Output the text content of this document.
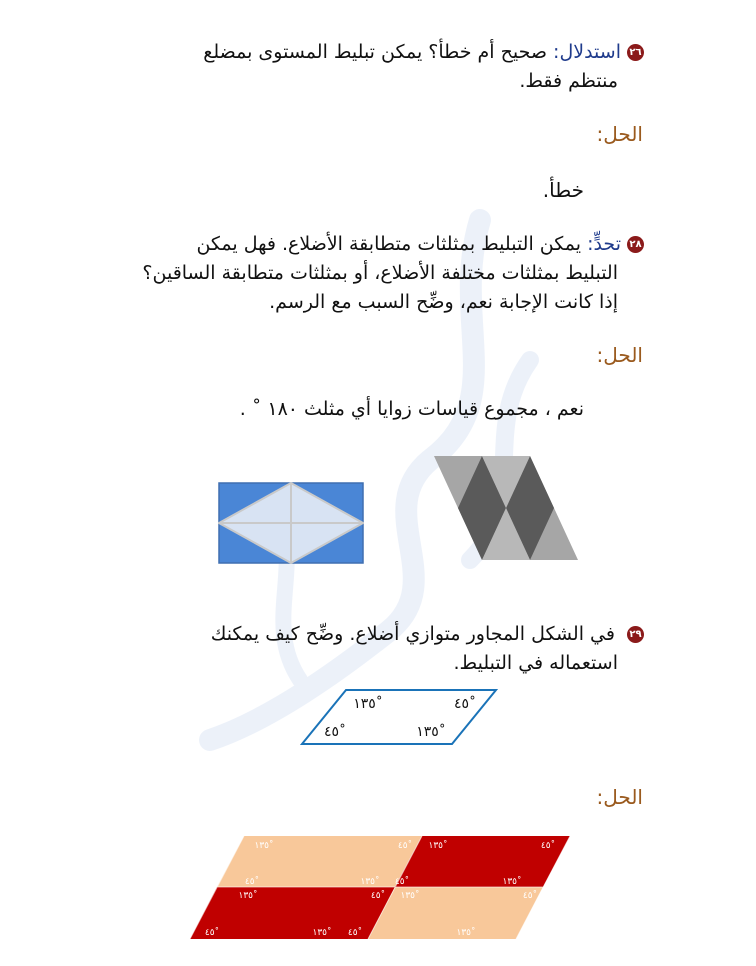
٢٦استدلال: صحيح أم خطأ؟ يمكن تبليط المستوى بمضلع
منتظم فقط.
الحل:
خطأ.
٢٨تحدٍّ: يمكن التبليط بمثلثات متطابقة الأضلاع. فهل يمكن
التبليط بمثلثات مختلفة الأضلاع، أو بمثلثات متطابقة الساقين؟
إذا كانت الإجابة نعم، وضِّح السبب مع الرسم.
الحل:
نعم ، مجموع قياسات زوايا أي مثلث ١٨٠ ˚ .
٢٩ في الشكل المجاور متوازي أضلاع. وضِّح كيف يمكنك
استعماله في التبليط.
١٣٥˚	٤٥˚
٤٥˚	١٣٥˚
الحل:
١٣٥˚	٤٥˚ ١٣٥˚	٤٥˚
٤٥˚	١٣٥˚ ٤٥˚	١٣٥˚
١٣٥˚	٤٥˚ ١٣٥˚	٤٥˚
٤٥˚	١٣٥˚ ٤٥˚	١٣٥˚
